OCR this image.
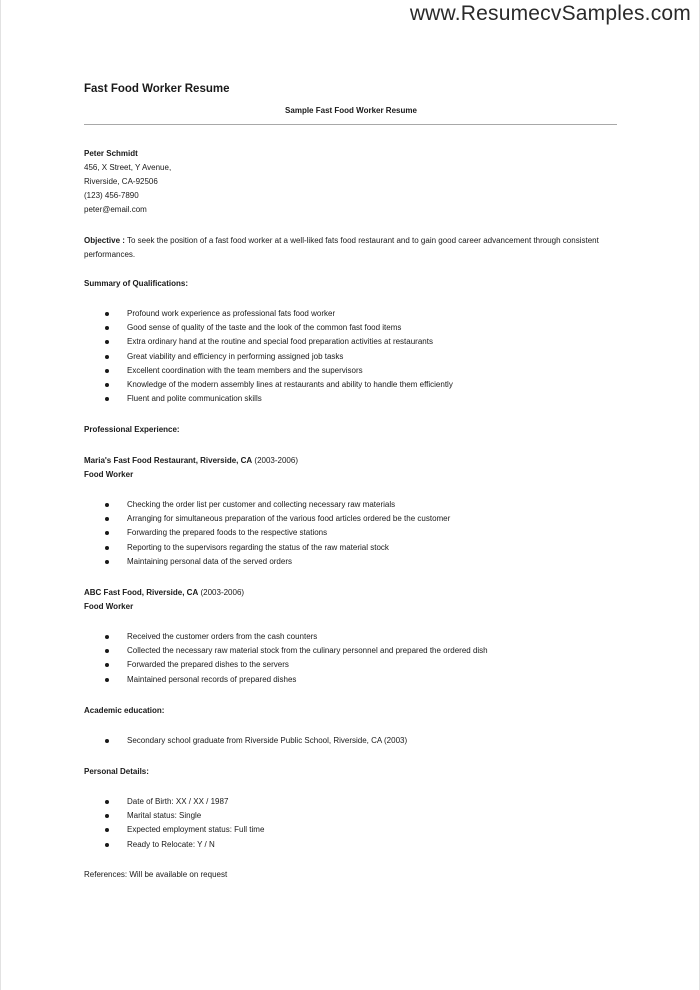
www.ResumecvSamples.com
Fast Food Worker Resume
Sample Fast Food Worker Resume
Peter Schmidt
456, X Street, Y Avenue,
Riverside, CA-92506
(123) 456-7890
peter@email.com
Objective : To seek the position of a fast food worker at a well-liked fats food restaurant and to gain good career advancement through consistent performances.
Summary of Qualifications:
Profound work experience as professional fats food worker
Good sense of quality of the taste and the look of the common fast food items
Extra ordinary hand at the routine and special food preparation activities at restaurants
Great viability and efficiency in performing assigned job tasks
Excellent coordination with the team members and the supervisors
Knowledge of the modern assembly lines at restaurants and ability to handle them efficiently
Fluent and polite communication skills
Professional Experience:
Maria's Fast Food Restaurant, Riverside, CA (2003-2006)
Food Worker
Checking the order list per customer and collecting necessary raw materials
Arranging for simultaneous preparation of the various food articles ordered be the customer
Forwarding the prepared foods to the respective stations
Reporting to the supervisors regarding the status of the raw material stock
Maintaining personal data of the served orders
ABC Fast Food, Riverside, CA (2003-2006)
Food Worker
Received the customer orders from the cash counters
Collected the necessary raw material stock from the culinary personnel and prepared the ordered dish
Forwarded the prepared dishes to the servers
Maintained personal records of prepared dishes
Academic education:
Secondary school graduate from Riverside Public School, Riverside, CA (2003)
Personal Details:
Date of Birth: XX / XX / 1987
Marital status: Single
Expected employment status: Full time
Ready to Relocate: Y / N
References: Will be available on request
